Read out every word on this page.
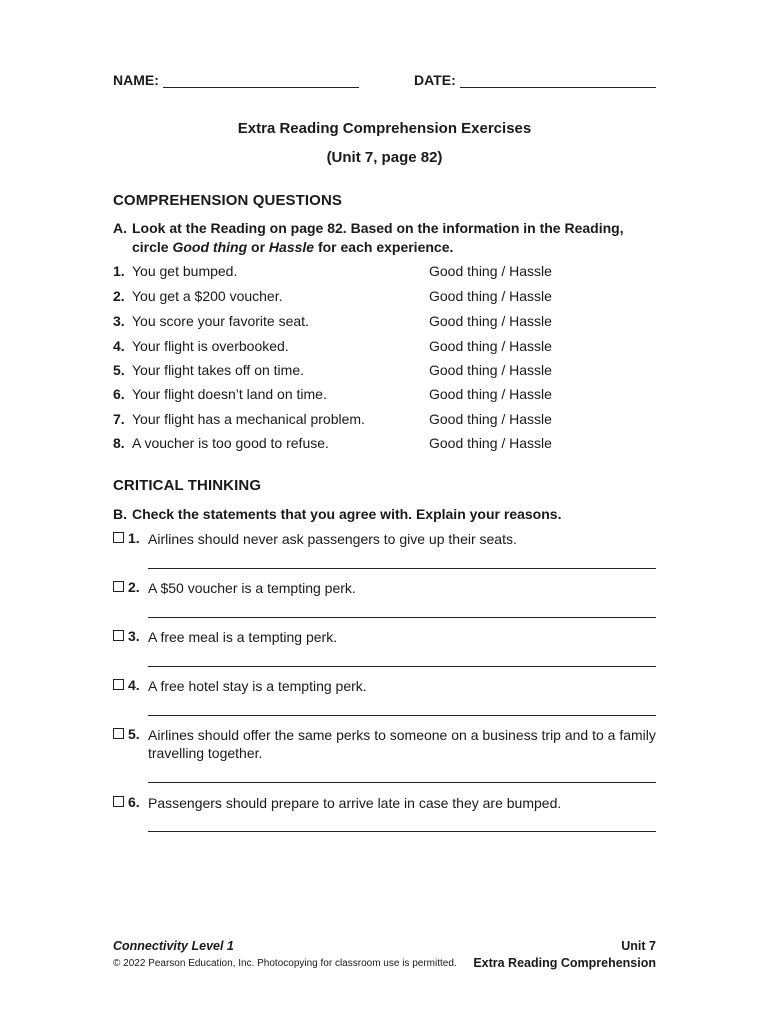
NAME:	DATE:
Extra Reading Comprehension Exercises
(Unit 7, page 82)
COMPREHENSION QUESTIONS
A. Look at the Reading on page 82. Based on the information in the Reading, circle Good thing or Hassle for each experience.
1. You get bumped.	Good thing / Hassle
2. You get a $200 voucher.	Good thing / Hassle
3. You score your favorite seat.	Good thing / Hassle
4. Your flight is overbooked.	Good thing / Hassle
5. Your flight takes off on time.	Good thing / Hassle
6. Your flight doesn’t land on time.	Good thing / Hassle
7. Your flight has a mechanical problem.	Good thing / Hassle
8. A voucher is too good to refuse.	Good thing / Hassle
CRITICAL THINKING
B. Check the statements that you agree with. Explain your reasons.
1. Airlines should never ask passengers to give up their seats.
2. A $50 voucher is a tempting perk.
3. A free meal is a tempting perk.
4. A free hotel stay is a tempting perk.
5. Airlines should offer the same perks to someone on a business trip and to a family travelling together.
6. Passengers should prepare to arrive late in case they are bumped.
Connectivity Level 1
© 2022 Pearson Education, Inc. Photocopying for classroom use is permitted.
Unit 7
Extra Reading Comprehension
